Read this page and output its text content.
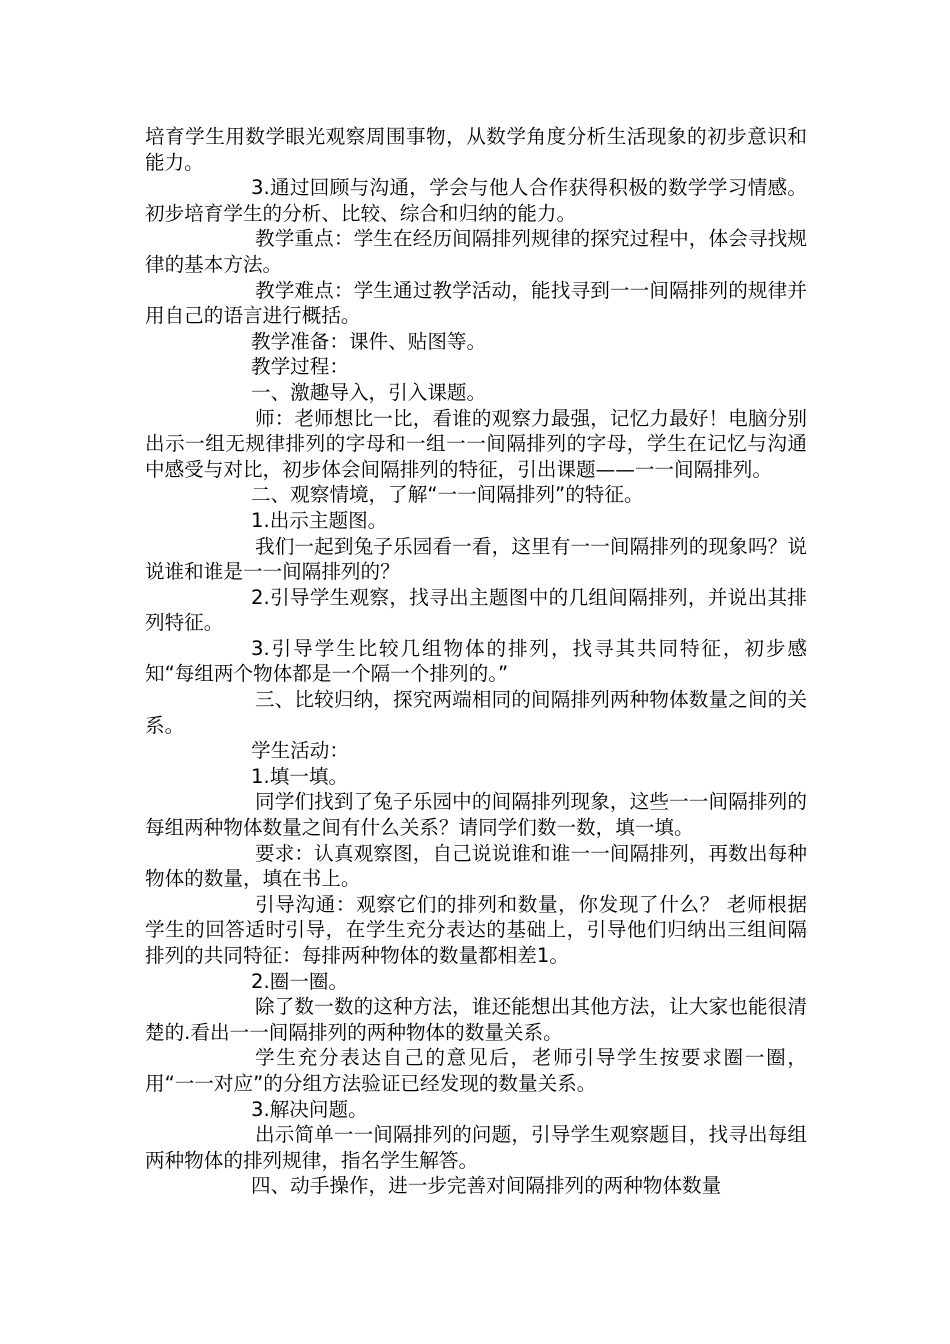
培育学生用数学眼光观察周围事物，从数学角度分析生活现象的初步意识和能力。

3.通过回顾与沟通，学会与他人合作获得积极的数学学习情感。初步培育学生的分析、比较、综合和归纳的能力。

教学重点：学生在经历间隔排列规律的探究过程中，体会寻找规律的基本方法。

教学难点：学生通过教学活动，能找寻到一一间隔排列的规律并用自己的语言进行概括。

教学准备：课件、贴图等。

教学过程：

一、激趣导入，引入课题。

师：老师想比一比，看谁的观察力最强，记忆力最好！电脑分别出示一组无规律排列的字母和一组一一间隔排列的字母，学生在记忆与沟通中感受与对比，初步体会间隔排列的特征，引出课题——一一间隔排列。

二、观察情境，了解“一一间隔排列”的特征。

1.出示主题图。

我们一起到兔子乐园看一看，这里有一一间隔排列的现象吗？说说谁和谁是一一间隔排列的？

2.引导学生观察，找寻出主题图中的几组间隔排列，并说出其排列特征。

3.引导学生比较几组物体的排列，找寻其共同特征，初步感知“每组两个物体都是一个隔一个排列的。”

三、比较归纳，探究两端相同的间隔排列两种物体数量之间的关系。

学生活动：

1.填一填。

同学们找到了兔子乐园中的间隔排列现象，这些一一间隔排列的每组两种物体数量之间有什么关系？请同学们数一数，填一填。

要求：认真观察图，自己说说谁和谁一一间隔排列，再数出每种物体的数量，填在书上。

引导沟通：观察它们的排列和数量，你发现了什么？ 老师根据学生的回答适时引导，在学生充分表达的基础上，引导他们归纳出三组间隔排列的共同特征：每排两种物体的数量都相差1。

2.圈一圈。

除了数一数的这种方法，谁还能想出其他方法，让大家也能很清楚的.看出一一间隔排列的两种物体的数量关系。

学生充分表达自己的意见后，老师引导学生按要求圈一圈，用“一一对应”的分组方法验证已经发现的数量关系。

3.解决问题。

出示简单一一间隔排列的问题，引导学生观察题目，找寻出每组两种物体的排列规律，指名学生解答。

四、动手操作，进一步完善对间隔排列的两种物体数量
